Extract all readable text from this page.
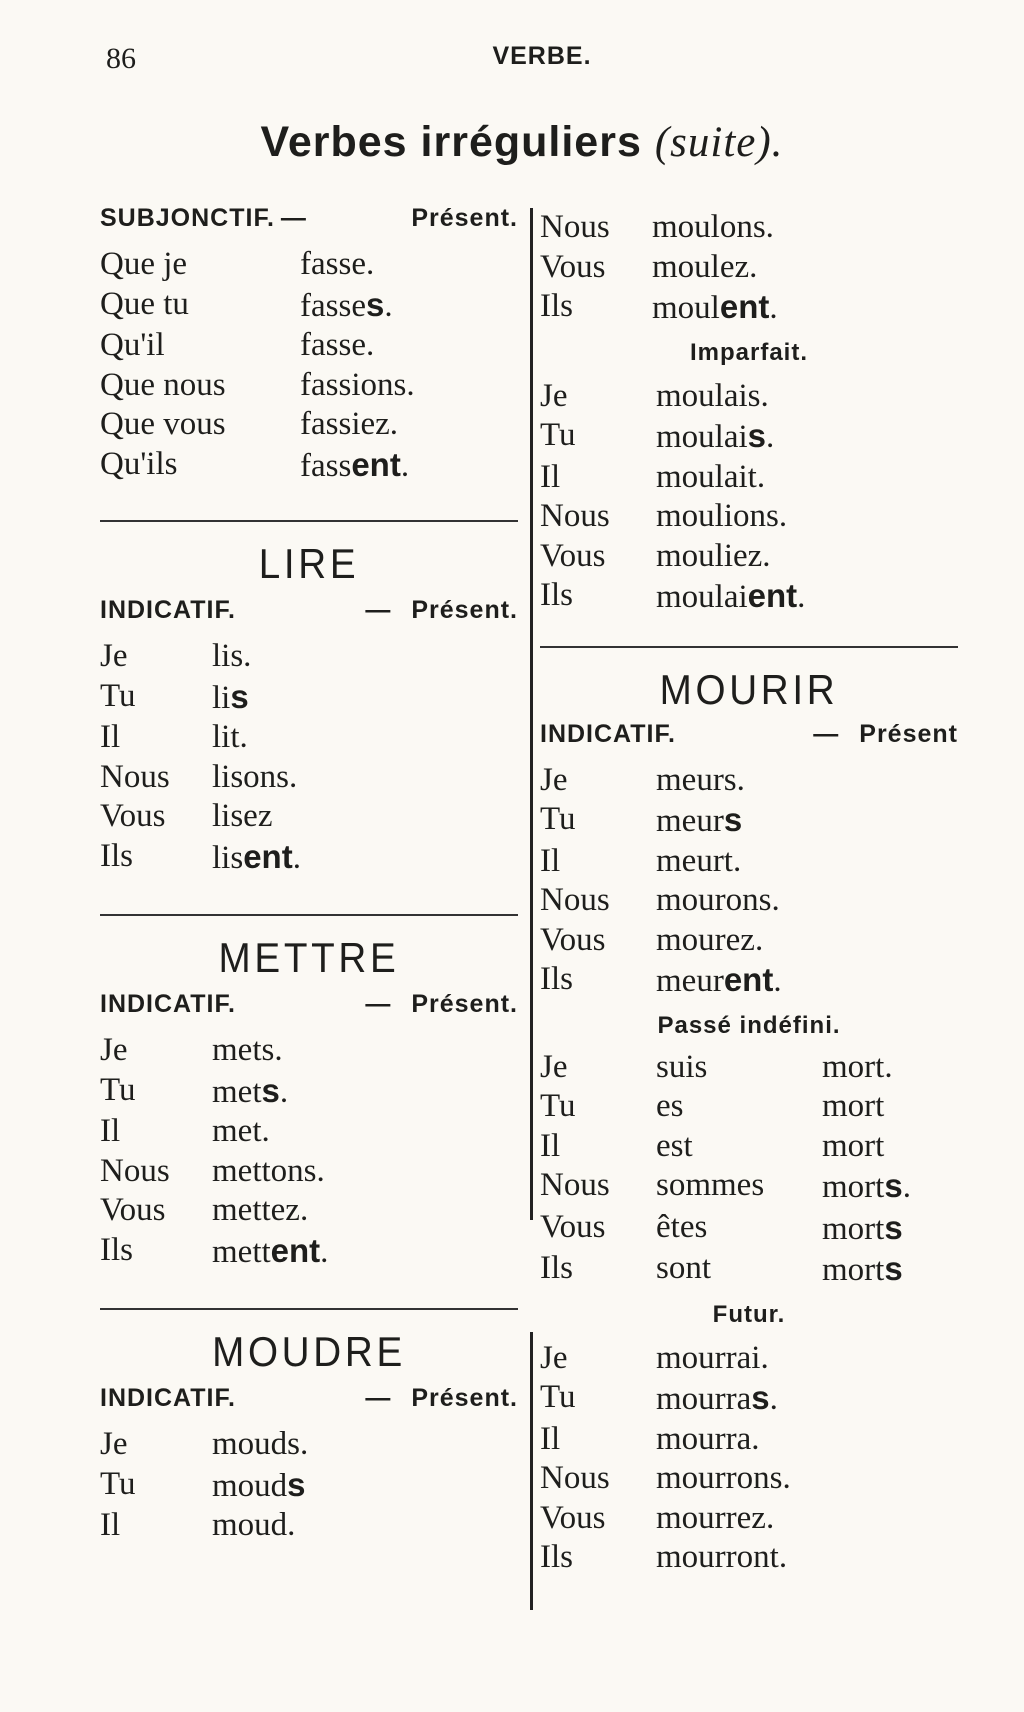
86	VERBE.
Verbes irréguliers (suite).
SUBJONCTIF. —	Présent.
Que je	fasse.
Que tu	fasses.
Qu'il	fasse.
Que nous	fassions.
Que vous	fassiez.
Qu'ils	fassent.
LIRE
INDICATIF.	— Présent.
Je	lis.
Tu	lis
Il	lit.
Nous	lisons.
Vous	lisez
Ils	lisent.
METTRE
INDICATIF.	— Présent.
Je	mets.
Tu	mets.
Il	met.
Nous	mettons.
Vous	mettez.
Ils	mettent.
MOUDRE
INDICATIF.	— Présent.
Je	mouds.
Tu	mouds
Il	moud.
Nous	moulons.
Vous	moulez.
Ils	moulent.
Imparfait.
Je	moulais.
Tu	moulais.
Il	moulait.
Nous	moulions.
Vous	mouliez.
Ils	moulaient.
MOURIR
INDICATIF.	— Présent
Je	meurs.
Tu	meurs
Il	meurt.
Nous	mourons.
Vous	mourez.
Ils	meurent.
Passé indéfini.
Je	suis	mort.
Tu	es	mort
Il	est	mort
Nous	sommes	morts.
Vous	êtes	morts
Ils	sont	morts
Futur.
Je	mourrai.
Tu	mourras.
Il	mourra.
Nous	mourrons.
Vous	mourrez.
Ils	mourront.
